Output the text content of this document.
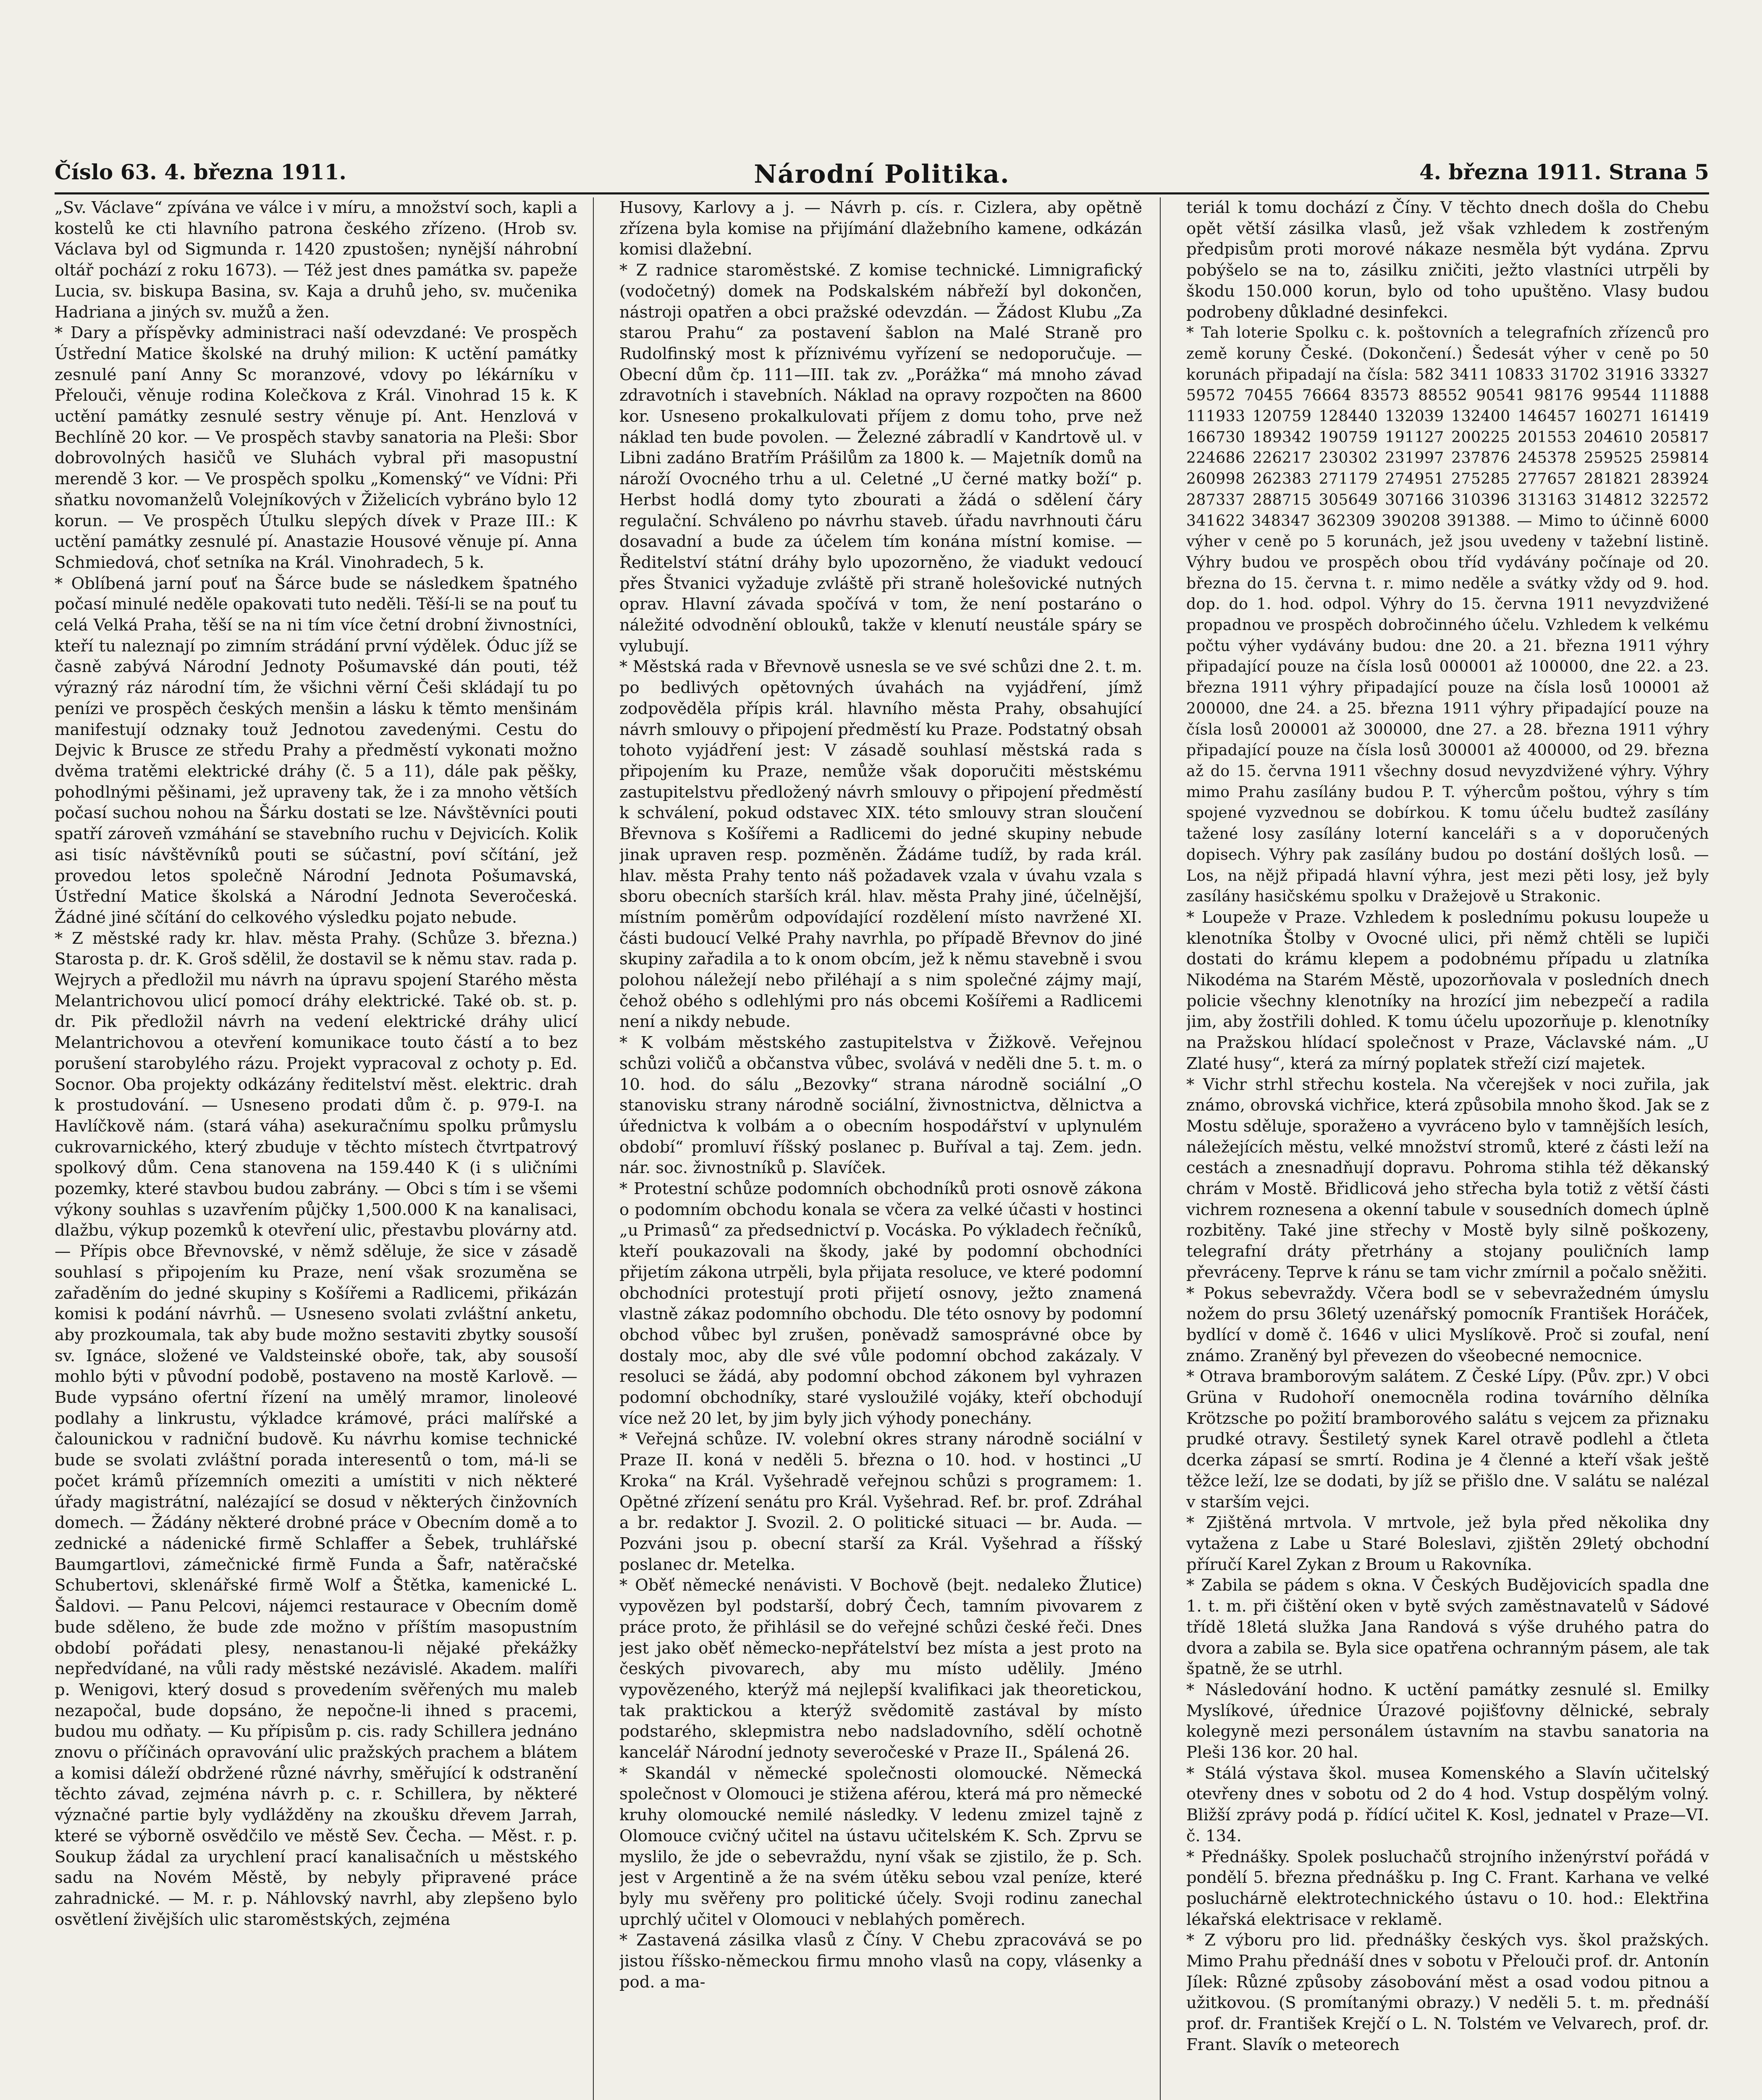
Číslo 63. 4. března 1911.	Národní Politika.	4. března 1911. Strana 5

„Sv. Václave“ zpívána ve válce i v míru, a množství soch, kapli a kostelů ke cti hlavního patrona českého zřízeno. (Hrob sv. Václava byl od Sigmunda r. 1420 zpustošen; nynější náhrobní oltář pochází z roku 1673). — Též jest dnes památka sv. papeže Lucia, sv. biskupa Basina, sv. Kaja a druhů jeho, sv. mučenika Hadriana a jiných sv. mužů a žen.

* Dary a příspěvky administraci naší odevzdané: Ve prospěch Ústřední Matice školské na druhý milion: K uctění památky zesnulé paní Anny Sc moranzové, vdovy po lékárníku v Přelouči, věnuje rodina Kolečkova z Král. Vinohrad 15 k. K uctění památky zesnulé sestry věnuje pí. Ant. Henzlová v Bechlíně 20 kor. — Ve prospěch stavby sanatoria na Pleši: Sbor dobrovolných hasičů ve Sluhách vybral při masopustní merendě 3 kor. — Ve prospěch spolku „Komenský“ ve Vídni: Při sňatku novomanželů Volejníkových v Žiželicích vybráno bylo 12 korun. — Ve prospěch Útulku slepých dívek v Praze III.: K uctění památky zesnulé pí. Anastazie Housové věnuje pí. Anna Schmiedová, choť setníka na Král. Vinohradech, 5 k.

* Oblíbená jarní pouť na Šárce bude se následkem špatného počasí minulé neděle opakovati tuto neděli. Těší-li se na pouť tu celá Velká Praha, těší se na ni tím více četní drobní živnostníci, kteří tu naleznají po zimním strádání první výdělek. Óduc jíž se časně zabývá Národní Jednoty Pošumavské dán pouti, též výrazný ráz národní tím, že všichni věrní Češi skládají tu po penízi ve prospěch českých menšin a lásku k těmto menšinám manifestují odznaky touž Jednotou zavedenými. Cestu do Dejvic k Brusce ze středu Prahy a předměstí vykonati možno dvěma tratěmi elektrické dráhy (č. 5 a 11), dále pak pěšky, pohodlnými pěšinami, jež upraveny tak, že i za mnoho větších počasí suchou nohou na Šárku dostati se lze. Návštěvníci pouti spatří zároveň vzmáhání se stavebního ruchu v Dejvicích. Kolik asi tisíc návštěvníků pouti se súčastní, poví sčítání, jež provedou letos společně Národní Jednota Pošumavská, Ústřední Matice školská a Národní Jednota Severočeská. Žádné jiné sčítání do celkového výsledku pojato nebude.

* Z městské rady kr. hlav. města Prahy. (Schůze 3. března.) Starosta p. dr. K. Groš sdělil, že dostavil se k němu stav. rada p. Wejrych a předložil mu návrh na úpravu spojení Starého města Melantrichovou ulicí pomocí dráhy elektrické. Také ob. st. p. dr. Pik předložil návrh na vedení elektrické dráhy ulicí Melantrichovou a otevření komunikace touto částí a to bez porušení starobylého rázu. Projekt vypracoval z ochoty p. Ed. Socnor. Oba projekty odkázány ředitelství měst. elektric. drah k prostudování. — Usneseno prodati dům č. p. 979-I. na Havlíčkově nám. (stará váha) asekuračnímu spolku průmyslu cukrovarnického, který zbuduje v těchto místech čtvrtpatrový spolkový dům. Cena stanovena na 159.440 K (i s uličními pozemky, které stavbou budou zabrány. — Obci s tím i se všemi výkony souhlas s uzavřením půjčky 1,500.000 K na kanalisaci, dlažbu, výkup pozemků k otevření ulic, přestavbu plovárny atd. — Přípis obce Břevnovské, v němž sděluje, že sice v zásadě souhlasí s připojením ku Praze, není však srozuměna se zařaděním do jedné skupiny s Košířemi a Radlicemi, přikázán komisi k podání návrhů. — Usneseno svolati zvláštní anketu, aby prozkoumala, tak aby bude možno sestaviti zbytky sousoší sv. Ignáce, složené ve Valdsteinské oboře, tak, aby sousoší mohlo býti v původní podobě, postaveno na mostě Karlově. — Bude vypsáno ofertní řízení na umělý mramor, linoleové podlahy a linkrustu, výkladce krámové, práci malířské a čalounickou v radniční budově. Ku návrhu komise technické bude se svolati zvláštní porada interesentů o tom, má-li se počet krámů přízemních omeziti a umístiti v nich některé úřady magistrátní, nalézající se dosud v některých činžovních domech. — Žádány některé drobné práce v Obecním domě a to zednické a nádenické firmě Schlaffer a Šebek, truhlářské Baumgartlovi, zámečnické firmě Funda a Šafr, natěračské Schubertovi, sklenářské firmě Wolf a Štětka, kamenické L. Šaldovi. — Panu Pelcovi, nájemci restaurace v Obecním domě bude sděleno, že bude zde možno v příštím masopustním období pořádati plesy, nenastanou-li nějaké překážky nepředvídané, na vůli rady městské nezávislé. Akadem. malíři p. Wenigovi, který dosud s provedením svěřených mu maleb nezapočal, bude dopsáno, že nepočne-li ihned s pracemi, budou mu odňaty. — Ku přípisům p. cis. rady Schillera jednáno znovu o příčinách opravování ulic pražských prachem a blátem a komisi dáleží obdržené různé návrhy, směřující k odstranění těchto závad, zejména návrh p. c. r. Schillera, by některé význačné partie byly vydlážděny na zkoušku dřevem Jarrah, které se výborně osvědčilo ve městě Sev. Čecha. — Měst. r. p. Soukup žádal za urychlení prací kanalisačních u městského sadu na Novém Městě, by nebyly připravené práce zahradnické. — M. r. p. Náhlovský navrhl, aby zlepšeno bylo osvětlení živějších ulic staroměstských, zejména

Husovy, Karlovy a j. — Návrh p. cís. r. Cizlera, aby opětně zřízena byla komise na přijímání dlažebního kamene, odkázán komisi dlažební.

* Z radnice staroměstské. Z komise technické. Limnigrafický (vodočetný) domek na Podskalském nábřeží byl dokončen, nástroji opatřen a obci pražské odevzdán. — Žádost Klubu „Za starou Prahu“ za postavení šablon na Malé Straně pro Rudolfinský most k příznivému vyřízení se nedoporučuje. — Obecní dům čp. 111—III. tak zv. „Porážka“ má mnoho závad zdravotních i stavebních. Náklad na opravy rozpočten na 8600 kor. Usneseno prokalkulovati příjem z domu toho, prve než náklad ten bude povolen. — Železné zábradlí v Kandrtově ul. v Libni zadáno Bratřím Prášilům za 1800 k. — Majetník domů na nároží Ovocného trhu a ul. Celetné „U černé matky boží“ p. Herbst hodlá domy tyto zbourati a žádá o sdělení čáry regulační. Schváleno po návrhu staveb. úřadu navrhnouti čáru dosavadní a bude za účelem tím konána místní komise. — Ředitelství státní dráhy bylo upozorněno, že viadukt vedoucí přes Štvanici vyžaduje zvláště při straně holešovické nutných oprav. Hlavní závada spočívá v tom, že není postaráno o náležité odvodnění oblouků, takže v klenutí neustále spáry se vylubují.

* Městská rada v Břevnově usnesla se ve své schůzi dne 2. t. m. po bedlivých opětovných úvahách na vyjádření, jímž zodpověděla přípis král. hlavního města Prahy, obsahující návrh smlouvy o připojení předměstí ku Praze. Podstatný obsah tohoto vyjádření jest: V zásadě souhlasí městská rada s připojením ku Praze, nemůže však doporučiti městskému zastupitelstvu předložený návrh smlouvy o připojení předměstí k schválení, pokud odstavec XIX. této smlouvy stran sloučení Břevnova s Košířemi a Radlicemi do jedné skupiny nebude jinak upraven resp. pozměněn. Žádáme tudíž, by rada král. hlav. města Prahy tento náš požadavek vzala v úvahu vzala s sboru obecních starších král. hlav. města Prahy jiné, účelnější, místním poměrům odpovídající rozdělení místo navržené XI. části budoucí Velké Prahy navrhla, po případě Břevnov do jiné skupiny zařadila a to k onom obcím, jež k němu stavebně i svou polohou náležejí nebo přiléhají a s nim společné zájmy mají, čehož obého s odlehlými pro nás obcemi Košířemi a Radlicemi není a nikdy nebude.

* K volbám městského zastupitelstva v Žižkově. Veřejnou schůzi voličů a občanstva vůbec, svolává v neděli dne 5. t. m. o 10. hod. do sálu „Bezovky“ strana národně sociální „O stanovisku strany národně sociální, živnostnictva, dělnictva a úřednictva k volbám a o obecním hospodářství v uplynulém období“ promluví říšský poslanec p. Buříval a taj. Zem. jedn. nár. soc. živnostníků p. Slavíček.

* Protestní schůze podomních obchodníků proti osnově zákona o podomním obchodu konala se včera za velké účasti v hostinci „u Primasů“ za předsednictví p. Vocáska. Po výkladech řečníků, kteří poukazovali na škody, jaké by podomní obchodníci přijetím zákona utrpěli, byla přijata resoluce, ve které podomní obchodníci protestují proti přijetí osnovy, ježto znamená vlastně zákaz podomního obchodu. Dle této osnovy by podomní obchod vůbec byl zrušen, poněvadž samosprávné obce by dostaly moc, aby dle své vůle podomní obchod zakázaly. V resoluci se žádá, aby podomní obchod zákonem byl vyhrazen podomní obchodníky, staré vysloužilé vojáky, kteří obchodují více než 20 let, by jim byly jich výhody ponechány.

* Veřejná schůze. IV. volební okres strany národně sociální v Praze II. koná v neděli 5. března o 10. hod. v hostinci „U Kroka“ na Král. Vyšehradě veřejnou schůzi s programem: 1. Opětné zřízení senátu pro Král. Vyšehrad. Ref. br. prof. Zdráhal a br. redaktor J. Svozil. 2. O politické situaci — br. Auda. — Pozváni jsou p. obecní starší za Král. Vyšehrad a říšský poslanec dr. Metelka.

* Oběť německé nenávisti. V Bochově (bejt. nedaleko Žlutice) vypovězen byl podstarší, dobrý Čech, tamním pivovarem z práce proto, že přihlásil se do veřejné schůzi české řeči. Dnes jest jako oběť německo-nepřátelství bez místa a jest proto na českých pivovarech, aby mu místo udělily. Jméno vypovězeného, kterýž má nejlepší kvalifikaci jak theoretickou, tak praktickou a kterýž svědomitě zastával by místo podstarého, sklepmistra nebo nadsladovního, sdělí ochotně kancelář Národní jednoty severočeské v Praze II., Spálená 26.

* Skandál v německé společnosti olomoucké. Německá společnost v Olomouci je stižena aférou, která má pro německé kruhy olomoucké nemilé následky. V ledenu zmizel tajně z Olomouce cvičný učitel na ústavu učitelském K. Sch. Zprvu se myslilo, že jde o sebevraždu, nyní však se zjistilo, že p. Sch. jest v Argentině a že na svém útěku sebou vzal peníze, které byly mu svěřeny pro politické účely. Svoji rodinu zanechal uprchlý učitel v Olomouci v neblahých poměrech.

* Zastavená zásilka vlasů z Číny. V Chebu zpracovává se po jistou říšsko-německou firmu mnoho vlasů na copy, vlásenky a pod. a ma-

teriál k tomu dochází z Číny. V těchto dnech došla do Chebu opět větší zásilka vlasů, jež však vzhledem k zostřeným předpisům proti morové nákaze nesměla být vydána. Zprvu pobýšelo se na to, zásilku zničiti, ježto vlastníci utrpěli by škodu 150.000 korun, bylo od toho upuštěno. Vlasy budou podrobeny důkladné desinfekci.

* Tah loterie Spolku c. k. poštovních a telegrafních zřízenců pro země koruny České. (Dokončení.) Šedesát výher v ceně po 50 korunách připadají na čísla: 582 3411 10833 31702 31916 33327 59572 70455 76664 83573 88552 90541 98176 99544 111888 111933 120759 128440 132039 132400 146457 160271 161419 166730 189342 190759 191127 200225 201553 204610 205817 224686 226217 230302 231997 237876 245378 259525 259814 260998 262383 271179 274951 275285 277657 281821 283924 287337 288715 305649 307166 310396 313163 314812 322572 341622 348347 362309 390208 391388. — Mimo to účinně 6000 výher v ceně po 5 korunách, jež jsou uvedeny v tažební listině. Výhry budou ve prospěch obou tříd vydávány počínaje od 20. března do 15. června t. r. mimo neděle a svátky vždy od 9. hod. dop. do 1. hod. odpol. Výhry do 15. června 1911 nevyzdvižené propadnou ve prospěch dobročinného účelu. Vzhledem k velkému počtu výher vydávány budou: dne 20. a 21. března 1911 výhry připadající pouze na čísla losů 000001 až 100000, dne 22. a 23. března 1911 výhry připadající pouze na čísla losů 100001 až 200000, dne 24. a 25. března 1911 výhry připadající pouze na čísla losů 200001 až 300000, dne 27. a 28. března 1911 výhry připadající pouze na čísla losů 300001 až 400000, od 29. března až do 15. června 1911 všechny dosud nevyzdvižené výhry. Výhry mimo Prahu zasílány budou P. T. výhercům poštou, výhry s tím spojené vyzvednou se dobírkou. K tomu účelu budtež zasílány tažené losy zasílány loterní kanceláři s a v doporučených dopisech. Výhry pak zasílány budou po dostání došlých losů. — Los, na nějž připadá hlavní výhra, jest mezi pěti losy, jež byly zasílány hasičskému spolku v Dražejově u Strakonic.

* Loupeže v Praze. Vzhledem k poslednímu pokusu loupeže u klenotníka Štolby v Ovocné ulici, při němž chtěli se lupiči dostati do krámu klepem a podobnému případu u zlatníka Nikodéma na Starém Městě, upozorňovala v posledních dnech policie všechny klenotníky na hrozící jim nebezpečí a radila jim, aby žostřili dohled. K tomu účelu upozorňuje p. klenotníky na Pražskou hlídací společnost v Praze, Václavské nám. „U Zlaté husy“, která za mírný poplatek střeží cizí majetek.

* Vichr strhl střechu kostela. Na včerejšek v noci zuřila, jak známo, obrovská vichřice, která způsobila mnoho škod. Jak se z Mostu sděluje, sporažено a vyvráceno bylo v tamnějších lesích, náležejících městu, velké množství stromů, které z části leží na cestách a znesnadňují dopravu. Pohroma stihla též děkanský chrám v Mostě. Břidlicová jeho střecha byla totiž z větší části vichrem roznesena a okenní tabule v sousedních domech úplně rozbitěny. Také jine střechy v Mostě byly silně poškozeny, telegrafní dráty přetrhány a stojany pouličních lamp převráceny. Teprve k ránu se tam vichr zmírnil a počalo sněžiti.

* Pokus sebevraždy. Včera bodl se v sebevražedném úmyslu nožem do prsu 36letý uzenářský pomocník František Horáček, bydlící v domě č. 1646 v ulici Myslíkově. Proč si zoufal, není známo. Zraněný byl převezen do všeobecné nemocnice.

* Otrava bramborovým salátem. Z České Lípy. (Pův. zpr.) V obci Grüna v Rudohoří onemocněla rodina továrního dělníka Krötzsche po požití bramborového salátu s vejcem za přiznaku prudké otravy. Šestiletý synek Karel otravě podlehl a čtleta dcerka zápasí se smrtí. Rodina je 4 členné a kteří však ještě těžce leží, lze se dodati, by jíž se přišlo dne. V salátu se nalézal v starším vejci.

* Zjištěná mrtvola. V mrtvole, jež byla před několika dny vytažena z Labe u Staré Boleslavi, zjištěn 29letý obchodní příručí Karel Zykan z Broum u Rakovníka.

* Zabila se pádem s okna. V Českých Budějovicích spadla dne 1. t. m. při čištění oken v bytě svých zaměstnavatelů v Sádové třídě 18letá služka Jana Randová s výše druhého patra do dvora a zabila se. Byla sice opatřena ochranným pásem, ale tak špatně, že se utrhl.

* Následování hodno. K uctění památky zesnulé sl. Emilky Myslíkové, úřednice Úrazové pojišťovny dělnické, sebraly kolegyně mezi personálem ústavním na stavbu sanatoria na Pleši 136 kor. 20 hal.

* Stálá výstava škol. musea Komenského a Slavín učitelský otevřeny dnes v sobotu od 2 do 4 hod. Vstup dospělým volný. Bližší zprávy podá p. řídící učitel K. Kosl, jednatel v Praze—VI. č. 134.

* Přednášky. Spolek posluchačů strojního inženýrství pořádá v pondělí 5. března přednášku p. Ing C. Frant. Karhana ve velké posluchárně elektrotechnického ústavu o 10. hod.: Elektřina lékařská elektrisace v reklamě.

* Z výboru pro lid. přednášky českých vys. škol pražských. Mimo Prahu přednáší dnes v sobotu v Přelouči prof. dr. Antonín Jílek: Různé způsoby zásobování měst a osad vodou pitnou a užitkovou. (S promítanými obrazy.) V neděli 5. t. m. přednáší prof. dr. František Krejčí o L. N. Tolstém ve Velvarech, prof. dr. Frant. Slavík o meteorech
